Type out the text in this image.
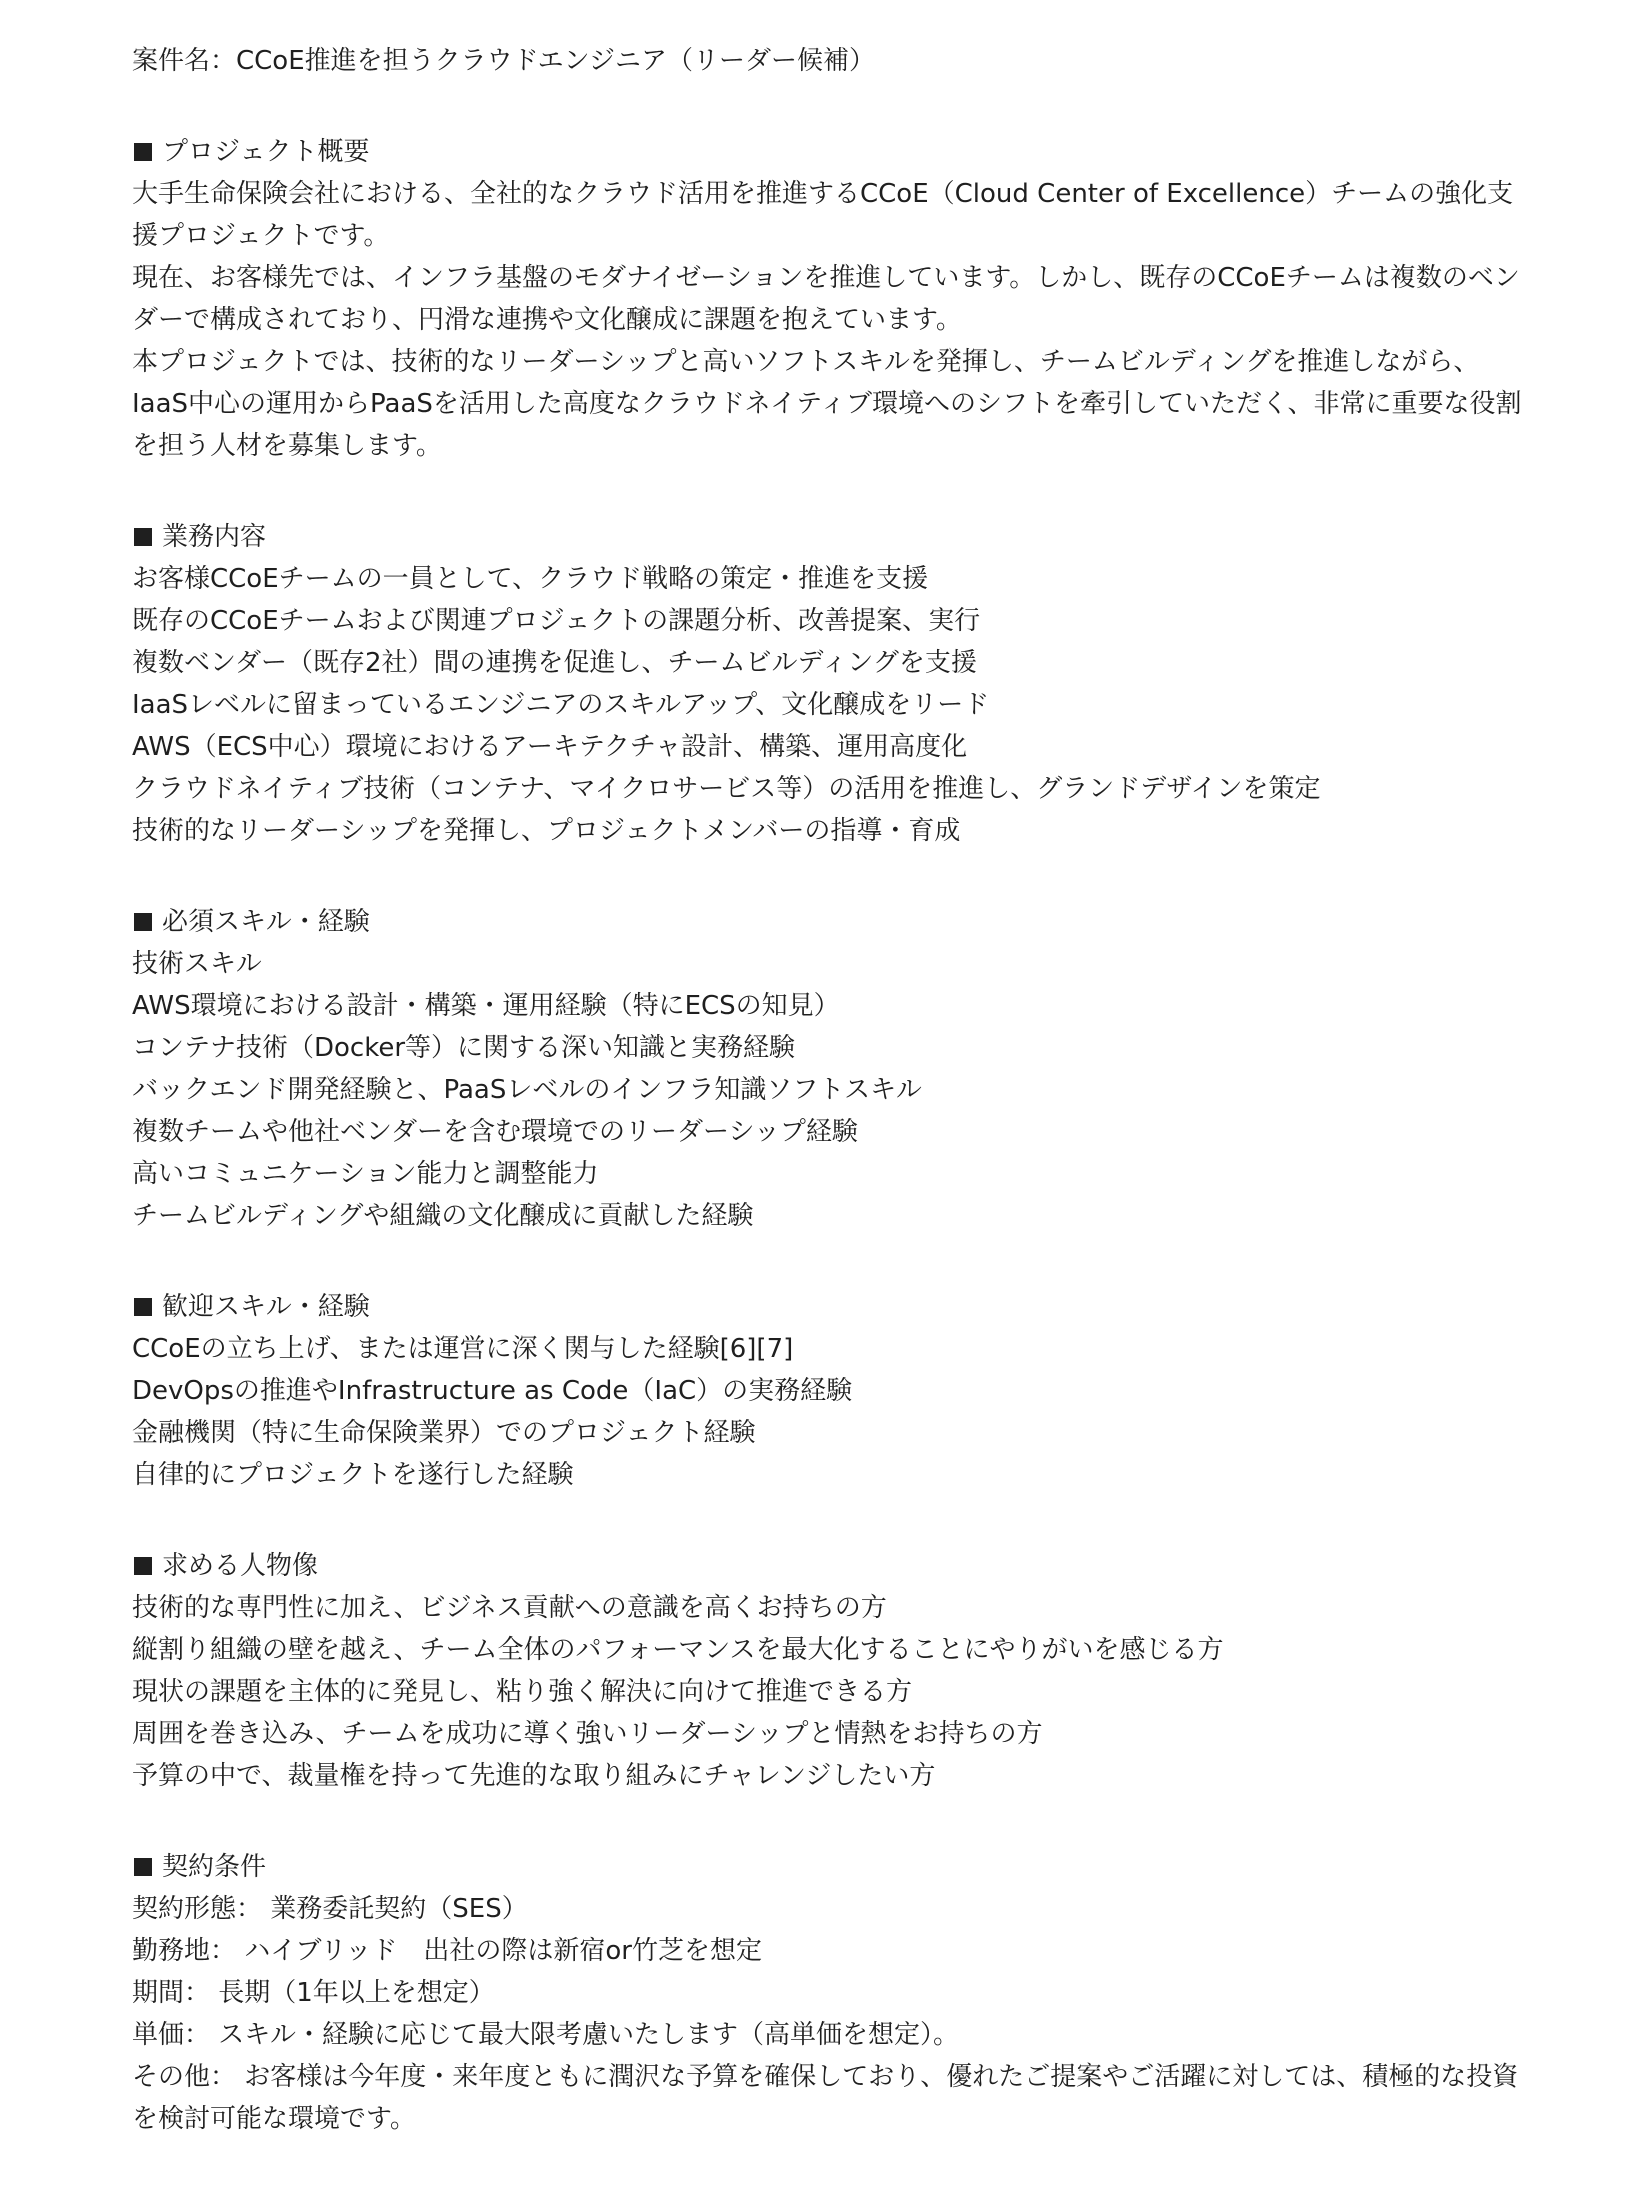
案件名：CCoE推進を担うクラウドエンジニア（リーダー候補）

プロジェクト概要

大手生命保険会社における、全社的なクラウド活用を推進するCCoE（Cloud Center of Excellence）チームの強化支援プロジェクトです。

現在、お客様先では、インフラ基盤のモダナイゼーションを推進しています。しかし、既存のCCoEチームは複数のベンダーで構成されており、円滑な連携や文化醸成に課題を抱えています。

本プロジェクトでは、技術的なリーダーシップと高いソフトスキルを発揮し、チームビルディングを推進しながら、IaaS中心の運用からPaaSを活用した高度なクラウドネイティブ環境へのシフトを牽引していただく、非常に重要な役割を担う人材を募集します。

業務内容

お客様CCoEチームの一員として、クラウド戦略の策定・推進を支援

既存のCCoEチームおよび関連プロジェクトの課題分析、改善提案、実行

複数ベンダー（既存2社）間の連携を促進し、チームビルディングを支援

IaaSレベルに留まっているエンジニアのスキルアップ、文化醸成をリード

AWS（ECS中心）環境におけるアーキテクチャ設計、構築、運用高度化

クラウドネイティブ技術（コンテナ、マイクロサービス等）の活用を推進し、グランドデザインを策定

技術的なリーダーシップを発揮し、プロジェクトメンバーの指導・育成

必須スキル・経験

技術スキル

AWS環境における設計・構築・運用経験（特にECSの知見）

コンテナ技術（Docker等）に関する深い知識と実務経験

バックエンド開発経験と、PaaSレベルのインフラ知識ソフトスキル

複数チームや他社ベンダーを含む環境でのリーダーシップ経験

高いコミュニケーション能力と調整能力

チームビルディングや組織の文化醸成に貢献した経験

歓迎スキル・経験

CCoEの立ち上げ、または運営に深く関与した経験[6][7]

DevOpsの推進やInfrastructure as Code（IaC）の実務経験

金融機関（特に生命保険業界）でのプロジェクト経験

自律的にプロジェクトを遂行した経験

求める人物像

技術的な専門性に加え、ビジネス貢献への意識を高くお持ちの方

縦割り組織の壁を越え、チーム全体のパフォーマンスを最大化することにやりがいを感じる方

現状の課題を主体的に発見し、粘り強く解決に向けて推進できる方

周囲を巻き込み、チームを成功に導く強いリーダーシップと情熱をお持ちの方

予算の中で、裁量権を持って先進的な取り組みにチャレンジしたい方

契約条件

契約形態： 業務委託契約（SES）

勤務地： ハイブリッド　出社の際は新宿or竹芝を想定

期間： 長期（1年以上を想定）

単価： スキル・経験に応じて最大限考慮いたします（高単価を想定）。

その他： お客様は今年度・来年度ともに潤沢な予算を確保しており、優れたご提案やご活躍に対しては、積極的な投資を検討可能な環境です。
